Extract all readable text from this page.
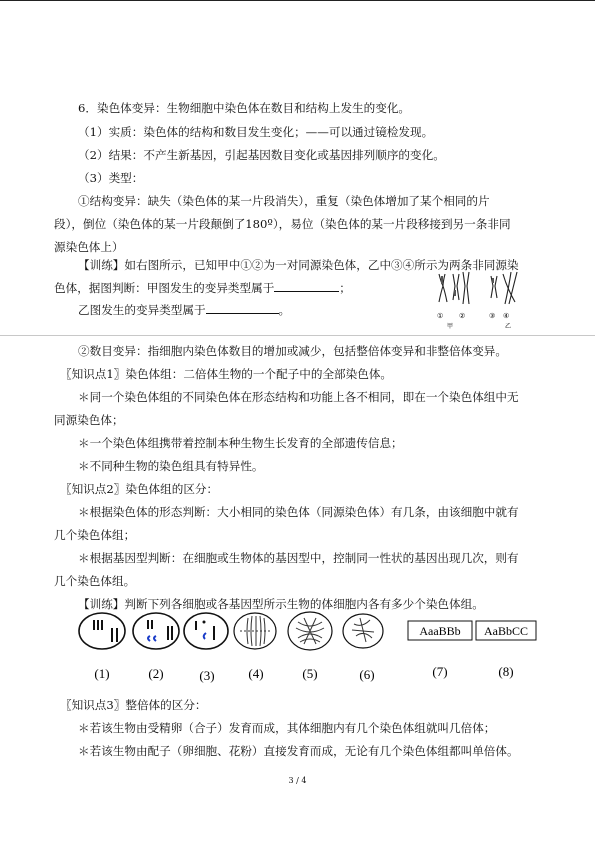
6．染色体变异：生物细胞中染色体在数目和结构上发生的变化。
（1）实质：染色体的结构和数目发生变化；——可以通过镜检发现。
（2）结果：不产生新基因，引起基因数目变化或基因排列顺序的变化。
（3）类型：
①结构变异：缺失（染色体的某一片段消失），重复（染色体增加了某个相同的片
段），倒位（染色体的某一片段颠倒了180º），易位（染色体的某一片段移接到另一条非同
源染色体上）
【训练】如右图所示，已知甲中①②为一对同源染色体，乙中③④所示为两条非同源染
色体，据图判断：甲图发生的变异类型属于	；
乙图发生的变异类型属于	。	① ②
甲
③ ④
乙
②数目变异：指细胞内染色体数目的增加或减少，包括整倍体变异和非整倍体变异。
〖知识点1〗染色体组：二倍体生物的一个配子中的全部染色体。
＊同一个染色体组的不同染色体在形态结构和功能上各不相同，即在一个染色体组中无
同源染色体；
＊一个染色体组携带着控制本种生物生长发育的全部遗传信息；
＊不同种生物的染色组具有特异性。
〖知识点2〗染色体组的区分：
＊根据染色体的形态判断：大小相同的染色体（同源染色体）有几条，由该细胞中就有
几个染色体组；
＊根据基因型判断：在细胞或生物体的基因型中，控制同一性状的基因出现几次，则有
几个染色体组。
【训练】判断下列各细胞或各基因型所示生物的体细胞内各有多少个染色体组。
AaaBBb AaBbCC
(1)	(2)	(3)	(4)	(5)	(6)	(7)	(8)
〖知识点3〗整倍体的区分：
＊若该生物由受精卵（合子）发育而成，其体细胞内有几个染色体组就叫几倍体；
＊若该生物由配子（卵细胞、花粉）直接发育而成，无论有几个染色体组都叫单倍体。
3 / 4
